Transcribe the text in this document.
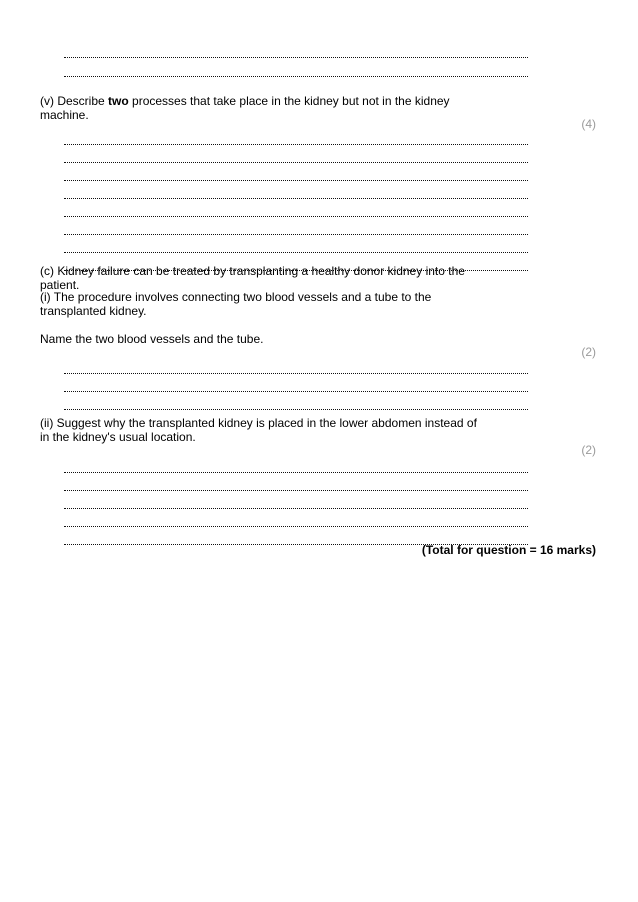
(v) Describe two processes that take place in the kidney but not in the kidney machine.
(4)
(c) Kidney failure can be treated by transplanting a healthy donor kidney into the patient.
(i) The procedure involves connecting two blood vessels and a tube to the transplanted kidney.
Name the two blood vessels and the tube.
(2)
(ii) Suggest why the transplanted kidney is placed in the lower abdomen instead of in the kidney's usual location.
(2)
(Total for question = 16 marks)
